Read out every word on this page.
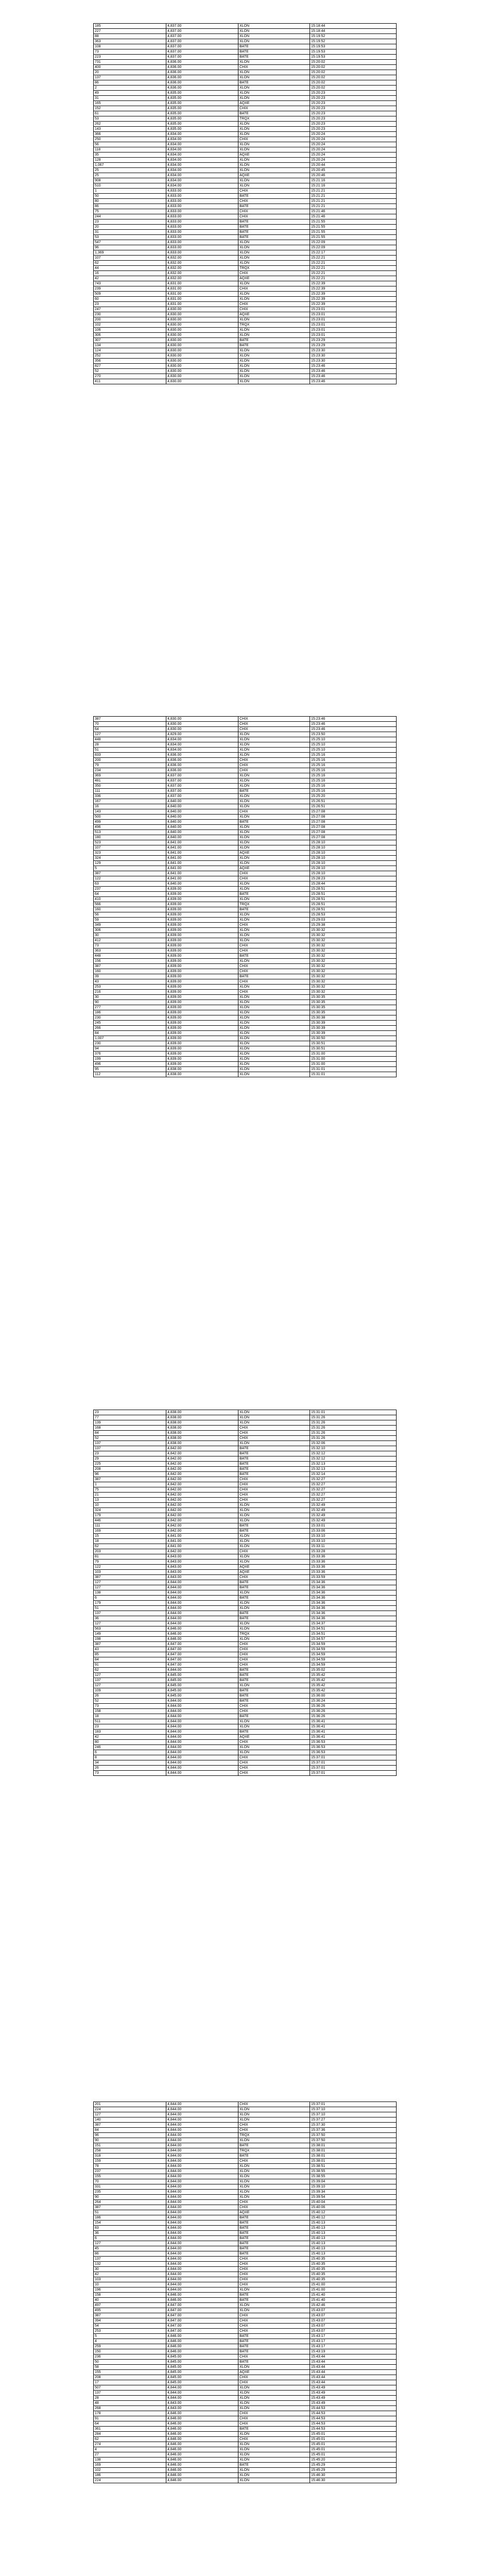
185	4,837.00	XLON	15:18:44
227	4,837.00	XLON	15:18:44
88	4,837.00	XLON	15:19:52
363	4,837.00	XLON	15:19:52
108	4,837.00	BATE	15:19:53
73	4,837.00	BATE	15:19:53
223	4,837.00	BATE	15:19:53
731	4,836.00	XLON	15:20:02
400	4,836.00	CHIX	15:20:02
20	4,836.00	XLON	15:20:02
137	4,836.00	XLON	15:20:02
86	4,836.00	BATE	15:20:02
2	4,836.00	XLON	15:20:02
49	4,835.00	XLON	15:20:23
31	4,835.00	XLON	15:20:23
165	4,835.00	AQXE	15:20:23
152	4,835.00	CHIX	15:20:23
61	4,835.00	BATE	15:20:23
53	4,835.00	TRQX	15:20:23
262	4,835.00	XLON	15:20:23
143	4,835.00	XLON	15:20:23
366	4,834.00	XLON	15:20:24
250	4,834.00	CHIX	15:20:24
56	4,834.00	XLON	15:20:24
118	4,834.00	XLON	15:20:24
35	4,834.00	AQXE	15:20:24
128	4,834.00	XLON	15:20:24
1,067	4,834.00	XLON	15:20:44
25	4,834.00	XLON	15:20:45
25	4,834.00	AQXE	15:20:46
908	4,834.00	XLON	15:21:16
510	4,834.00	XLON	15:21:16
1	4,833.00	CHIX	15:21:21
50	4,833.00	BATE	15:21:21
80	4,833.00	CHIX	15:21:21
86	4,833.00	BATE	15:21:21
75	4,833.00	CHIX	15:21:46
244	4,833.00	CHIX	15:21:46
23	4,833.00	BATE	15:21:55
20	4,833.00	BATE	15:21:55
31	4,833.00	BATE	15:21:55
53	4,833.00	BATE	15:21:55
547	4,833.00	XLON	15:22:09
96	4,833.00	XLON	15:22:09
1,369	4,833.00	XLON	15:22:17
107	4,832.00	XLON	15:22:21
62	4,832.00	XLON	15:22:21
44	4,832.00	TRQX	15:22:21
16	4,832.00	CHIX	15:22:21
42	4,832.00	AQXE	15:22:21
743	4,831.00	XLON	15:22:39
239	4,831.00	CHIX	15:22:39
509	4,831.00	XLON	15:22:39
60	4,831.00	XLON	15:22:39
23	4,831.00	CHIX	15:22:39
247	4,830.00	CHIX	15:23:01
230	4,830.00	AQXE	15:23:01
200	4,830.00	XLON	15:23:01
102	4,830.00	TRQX	15:23:01
106	4,830.00	XLON	15:23:01
306	4,830.00	XLON	15:23:01
307	4,830.00	BATE	15:23:29
134	4,830.00	BATE	15:23:29
124	4,830.00	XLON	15:23:30
252	4,830.00	XLON	15:23:30
356	4,830.00	XLON	15:23:30
827	4,830.00	XLON	15:23:46
52	4,830.00	XLON	15:23:46
270	4,830.00	XLON	15:23:46
411	4,830.00	XLON	15:23:46
387	4,830.00	CHIX	15:23:46
70	4,830.00	CHIX	15:23:46
64	4,830.00	CHIX	15:23:46
127	4,829.00	XLON	15:23:50
448	4,834.00	XLON	15:25:10
28	4,834.00	XLON	15:25:10
51	4,834.00	XLON	15:25:10
833	4,836.00	XLON	15:25:16
200	4,836.00	CHIX	15:25:16
79	4,836.00	CHIX	15:25:16
234	4,836.00	CHIX	15:25:16
369	4,837.00	XLON	15:25:16
481	4,837.00	XLON	15:25:16
350	4,837.00	XLON	15:25:16
111	4,837.00	BATE	15:25:16
336	4,837.00	XLON	15:25:20
167	4,840.00	XLON	15:26:51
16	4,840.00	XLON	15:26:51
143	4,840.00	CHIX	15:27:08
500	4,840.00	XLON	15:27:08
499	4,840.00	BATE	15:27:08
496	4,840.00	XLON	15:27:08
513	4,840.00	XLON	15:27:08
180	4,840.00	XLON	15:27:08
523	4,841.00	XLON	15:28:10
107	4,841.00	XLON	15:28:10
323	4,841.00	AQXE	15:28:10
324	4,841.00	XLON	15:28:10
129	4,841.00	XLON	15:28:10
5	4,841.00	AQXE	15:28:10
387	4,841.00	CHIX	15:28:10
122	4,841.00	CHIX	15:28:23
63	4,840.00	XLON	15:28:44
237	4,839.00	XLON	15:28:51
64	4,839.00	BATE	15:28:51
410	4,839.00	XLON	15:28:51
566	4,839.00	TRQX	15:28:51
160	4,839.00	BATE	15:28:51
56	4,839.00	XLON	15:28:53
59	4,839.00	XLON	15:29:03
349	4,839.00	CHIX	15:29:38
306	4,839.00	XLON	15:30:32
30	4,839.00	XLON	15:30:32
412	4,839.00	XLON	15:30:32
73	4,839.00	CHIX	15:30:32
363	4,839.00	CHIX	15:30:32
448	4,839.00	BATE	15:30:32
156	4,839.00	XLON	15:30:32
387	4,839.00	CHIX	15:30:32
160	4,839.00	CHIX	15:30:32
39	4,839.00	BATE	15:30:32
43	4,839.00	CHIX	15:30:32
253	4,839.00	XLON	15:30:32
216	4,839.00	CHIX	15:30:32
30	4,839.00	XLON	15:30:35
90	4,839.00	XLON	15:30:35
277	4,839.00	XLON	15:30:35
186	4,839.00	XLON	15:30:35
230	4,839.00	XLON	15:30:38
245	4,839.00	XLON	15:30:39
266	4,839.00	XLON	15:30:39
84	4,839.00	XLON	15:30:39
1,007	4,839.00	XLON	15:30:50
230	4,839.00	XLON	15:30:51
94	4,839.00	XLON	15:30:51
376	4,839.00	XLON	15:31:00
199	4,839.00	XLON	15:31:00
496	4,839.00	XLON	15:31:00
95	4,838.00	XLON	15:31:01
112	4,838.00	XLON	15:31:01
23	4,838.00	XLON	15:31:01
77	4,838.00	XLON	15:31:26
139	4,838.00	XLON	15:31:26
168	4,838.00	CHIX	15:31:26
84	4,838.00	CHIX	15:31:26
52	4,838.00	CHIX	15:31:26
137	4,838.00	XLON	15:32:06
137	4,842.00	BATE	15:32:10
23	4,842.00	BATE	15:32:12
29	4,842.00	BATE	15:32:12
225	4,842.00	BATE	15:32:13
208	4,842.00	BATE	15:32:13
96	4,842.00	BATE	15:32:14
387	4,842.00	CHIX	15:32:27
1	4,842.00	CHIX	15:32:27
75	4,842.00	CHIX	15:32:27
21	4,842.00	CHIX	15:32:27
13	4,842.00	CHIX	15:32:27
10	4,842.00	XLON	15:32:49
324	4,842.00	XLON	15:32:49
179	4,842.00	XLON	15:32:49
446	4,842.00	XLON	15:32:49
111	4,842.00	BATE	15:33:01
169	4,842.00	BATE	15:33:06
15	4,841.00	XLON	15:33:10
18	4,841.00	XLON	15:33:10
62	4,841.00	XLON	15:33:11
203	4,842.00	CHIX	15:33:28
81	4,843.00	XLON	15:33:36
79	4,843.00	XLON	15:33:36
122	4,843.00	AQXE	15:33:36
103	4,843.00	AQXE	15:33:36
387	4,843.00	CHIX	15:33:59
127	4,844.00	BATE	15:34:36
127	4,844.00	BATE	15:34:36
138	4,844.00	XLON	15:34:36
6	4,844.00	BATE	15:34:36
179	4,844.00	XLON	15:34:36
51	4,844.00	XLON	15:34:36
137	4,844.00	BATE	15:34:36
36	4,844.00	BATE	15:34:36
127	4,844.00	XLON	15:34:37
563	4,846.00	XLON	15:34:51
149	4,846.00	TRQX	15:34:51
198	4,846.00	XLON	15:34:57
387	4,847.00	CHIX	15:34:59
43	4,847.00	CHIX	15:34:59
85	4,847.00	CHIX	15:34:59
84	4,847.00	CHIX	15:34:59
91	4,847.00	CHIX	15:34:59
62	4,844.00	BATE	15:35:02
127	4,845.00	BATE	15:35:42
137	4,845.00	BATE	15:35:42
127	4,845.00	XLON	15:35:42
109	4,845.00	BATE	15:35:42
26	4,845.00	BATE	15:36:00
52	4,844.00	BATE	15:36:24
73	4,844.00	CHIX	15:36:26
158	4,844.00	CHIX	15:36:26
18	4,844.00	BATE	15:36:26
511	4,844.00	XLON	15:36:41
23	4,844.00	XLON	15:36:41
183	4,844.00	BATE	15:36:41
42	4,844.00	AQXE	15:36:41
80	4,844.00	CHIX	15:36:53
246	4,844.00	XLON	15:36:53
6	4,844.00	XLON	15:36:53
8	4,844.00	CHIX	15:37:01
34	4,844.00	CHIX	15:37:01
26	4,844.00	CHIX	15:37:01
73	4,844.00	CHIX	15:37:01
201	4,844.00	CHIX	15:37:01
224	4,844.00	XLON	15:37:10
127	4,844.00	XLON	15:37:10
140	4,844.00	XLON	15:37:27
387	4,844.00	CHIX	15:37:30
84	4,844.00	CHIX	15:37:36
96	4,844.00	TRQX	15:37:50
90	4,844.00	XLON	15:37:50
151	4,844.00	BATE	15:38:01
258	4,844.00	TRQX	15:38:01
318	4,844.00	BATE	15:38:01
159	4,844.00	CHIX	15:38:01
78	4,844.00	XLON	15:38:51
237	4,844.00	XLON	15:38:55
155	4,844.00	XLON	15:38:55
70	4,844.00	XLON	15:39:04
331	4,844.00	XLON	15:39:10
235	4,844.00	XLON	15:39:34
90	4,844.00	XLON	15:39:54
264	4,844.00	CHIX	15:40:04
387	4,844.00	CHIX	15:40:06
51	4,844.00	AQXE	15:40:12
186	4,844.00	BATE	15:40:12
154	4,844.00	BATE	15:40:13
83	4,844.00	BATE	15:40:13
36	4,844.00	BATE	15:40:13
6	4,844.00	BATE	15:40:13
127	4,844.00	BATE	15:40:13
45	4,844.00	BATE	15:40:13
86	4,844.00	BATE	15:40:13
137	4,844.00	CHIX	15:40:35
132	4,844.00	CHIX	15:40:35
30	4,844.00	CHIX	15:40:35
42	4,844.00	CHIX	15:40:35
103	4,844.00	CHIX	15:40:35
10	4,844.00	CHIX	15:41:00
196	4,844.00	XLON	15:41:00
158	4,846.00	BATE	15:41:40
40	4,846.00	BATE	15:41:40
497	4,847.00	XLON	15:42:46
495	4,847.00	XLON	15:43:07
387	4,847.00	CHIX	15:43:07
394	4,847.00	CHIX	15:43:07
54	4,847.00	CHIX	15:43:07
253	4,847.00	CHIX	15:43:07
5	4,846.00	BATE	15:43:17
4	4,846.00	BATE	15:43:17
259	4,846.00	BATE	15:43:17
150	4,846.00	BATE	15:43:19
236	4,845.00	CHIX	15:43:44
50	4,845.00	BATE	15:43:44
58	4,845.00	XLON	15:43:44
155	4,845.00	AQXE	15:43:44
208	4,845.00	CHIX	15:43:44
17	4,845.00	CHIX	15:43:44
507	4,844.00	XLON	15:43:49
137	4,844.00	XLON	15:43:49
28	4,844.00	XLON	15:43:49
48	4,843.00	XLON	15:43:49
268	4,843.00	XLON	15:44:53
178	4,846.00	CHIX	15:44:53
91	4,846.00	CHIX	15:44:53
64	4,846.00	CHIX	15:44:53
361	4,846.00	BATE	15:44:53
284	4,846.00	XLON	15:45:01
62	4,846.00	CHIX	15:45:01
274	4,846.00	XLON	15:45:01
4	4,846.00	XLON	15:45:01
27	4,846.00	XLON	15:45:01
138	4,846.00	XLON	15:45:20
169	4,846.00	BATE	15:45:29
102	4,846.00	XLON	15:45:29
186	4,846.00	XLON	15:46:30
224	4,846.00	XLON	15:46:30
